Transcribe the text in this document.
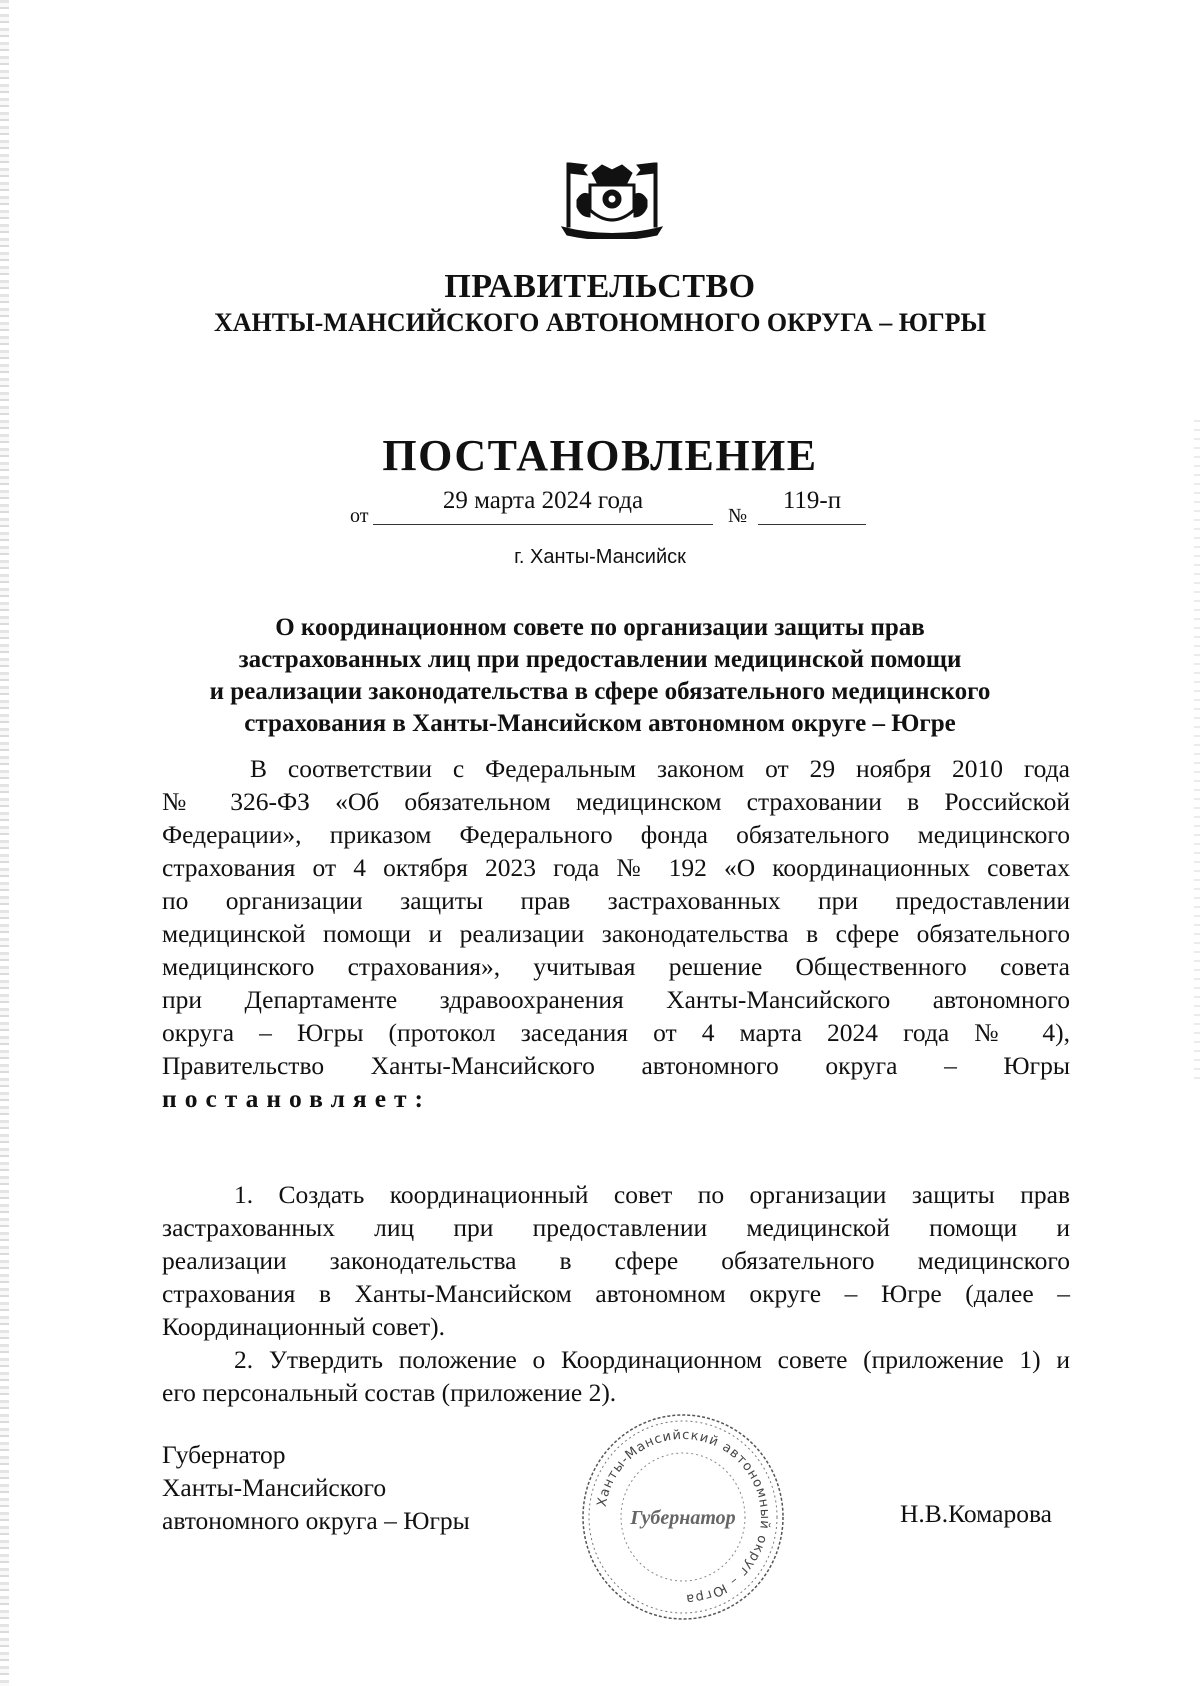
ПРАВИТЕЛЬСТВО
ХАНТЫ-МАНСИЙСКОГО АВТОНОМНОГО ОКРУГА – ЮГРЫ
ПОСТАНОВЛЕНИЕ
от
29 марта 2024 года
№
119-п
г. Ханты-Мансийск
О координационном совете по организации защиты прав
застрахованных лиц при предоставлении медицинской помощи
и реализации законодательства в сфере обязательного медицинского
страхования в Ханты-Мансийском автономном округе – Югре
В соответствии с Федеральным законом от 29 ноября 2010 года
№ 326-ФЗ «Об обязательном медицинском страховании в Российской
Федерации», приказом Федерального фонда обязательного медицинского
страхования от 4 октября 2023 года № 192 «О координационных советах
по организации защиты прав застрахованных при предоставлении
медицинской помощи и реализации законодательства в сфере обязательного
медицинского страхования», учитывая решение Общественного совета
при Департаменте здравоохранения Ханты-Мансийского автономного
округа – Югры (протокол заседания от 4 марта 2024 года № 4),
Правительство Ханты-Мансийского автономного округа – Югры
постановляет:
1. Создать координационный совет по организации защиты прав
застрахованных лиц при предоставлении медицинской помощи и
реализации законодательства в сфере обязательного медицинского
страхования в Ханты-Мансийском автономном округе – Югре (далее –
Координационный совет).
2. Утвердить положение о Координационном совете (приложение 1) и
его персональный состав (приложение 2).
Губернатор
Ханты-Мансийского
автономного округа – Югры
Ханты-Мансийский автономный округ – Югра
Губернатор	Н.В.Комарова
